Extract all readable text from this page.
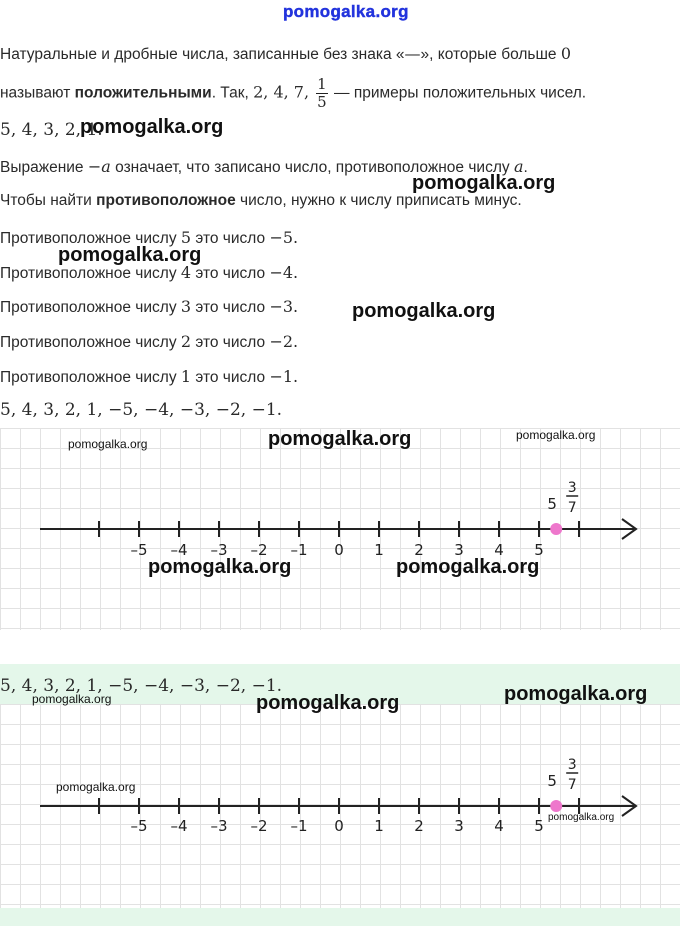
pomogalka.org
Натуральные и дробные числа, записанные без знака «—», которые больше 0
называют положительными. Так, 2, 4, 7, $\frac{1}{5}$ — примеры положительных чисел.
5, 4, 3, 2, 1.
Выражение −a означает, что записано число, противоположное числу a.
Чтобы найти противоположное число, нужно к числу приписать минус.
Противоположное числу 5 это число −5.
Противоположное числу 4 это число −4.
Противоположное числу 3 это число −3.
Противоположное числу 2 это число −2.
Противоположное числу 1 это число −1.
5, 4, 3, 2, 1, −5, −4, −3, −2, −1.
–5 –4 –3 –2 –1 0 1 2 3 4 5
5
3
7
5, 4, 3, 2, 1, −5, −4, −3, −2, −1.
–5 –4 –3 –2 –1 0 1 2 3 4 5
5
3
7
pomogalka.org
pomogalka.org
pomogalka.org
pomogalka.org
pomogalka.org	pomogalka.org	pomogalka.org
pomogalka.org	pomogalka.org
pomogalka.org	pomogalka.org	pomogalka.org
pomogalka.org
pomogalka.org
